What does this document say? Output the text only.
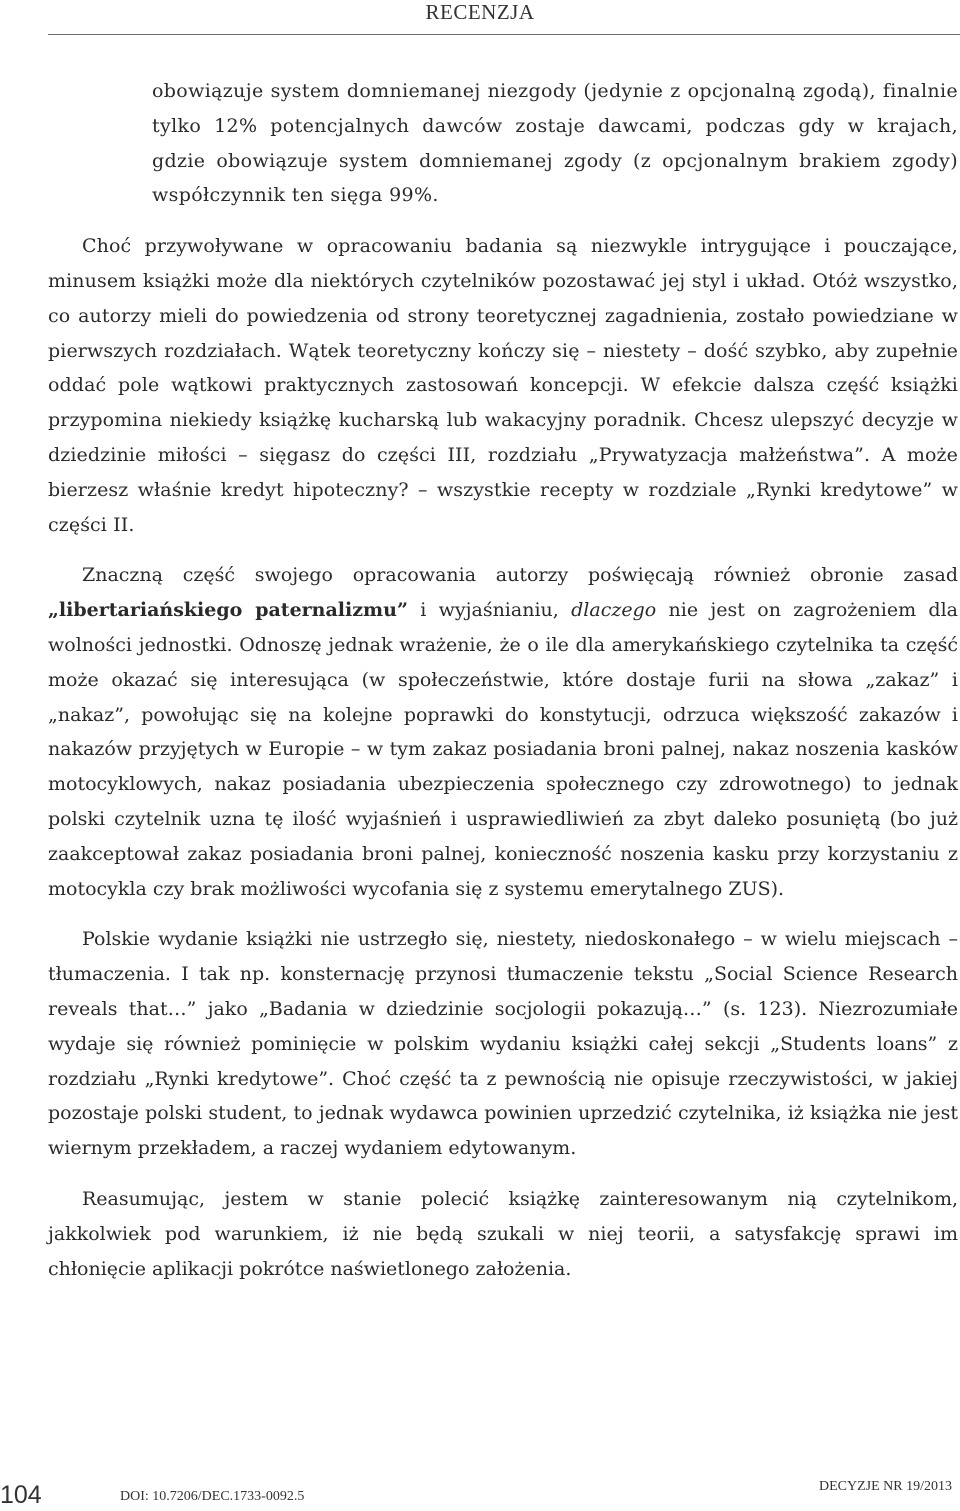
RECENZJA

obowiązuje system domniemanej niezgody (jedynie z opcjonalną zgodą), finalnie tylko 12% potencjalnych dawców zostaje dawcami, podczas gdy w krajach, gdzie obowiązuje system domniemanej zgody (z opcjonalnym brakiem zgody) współczynnik ten sięga 99%.

Choć przywoływane w opracowaniu badania są niezwykle intrygujące i pouczające, minusem książki może dla niektórych czytelników pozostawać jej styl i układ. Otóż wszystko, co autorzy mieli do powiedzenia od strony teoretycznej zagadnienia, zostało powiedziane w pierwszych rozdziałach. Wątek teoretyczny kończy się – niestety – dość szybko, aby zupełnie oddać pole wątkowi praktycznych zastosowań koncepcji. W efekcie dalsza część książki przypomina niekiedy książkę kucharską lub wakacyjny poradnik. Chcesz ulepszyć decyzje w dziedzinie miłości – sięgasz do części III, rozdziału „Prywatyzacja małżeństwa”. A może bierzesz właśnie kredyt hipoteczny? – wszystkie recepty w rozdziale „Rynki kredytowe” w części II.

Znaczną część swojego opracowania autorzy poświęcają również obronie zasad „libertariańskiego paternalizmu” i wyjaśnianiu, dlaczego nie jest on zagrożeniem dla wolności jednostki. Odnoszę jednak wrażenie, że o ile dla amerykańskiego czytelnika ta część może okazać się interesująca (w społeczeństwie, które dostaje furii na słowa „zakaz” i „nakaz”, powołując się na kolejne poprawki do konstytucji, odrzuca większość zakazów i nakazów przyjętych w Europie – w tym zakaz posiadania broni palnej, nakaz noszenia kasków motocyklowych, nakaz posiadania ubezpieczenia społecznego czy zdrowotnego) to jednak polski czytelnik uzna tę ilość wyjaśnień i usprawiedliwień za zbyt daleko posuniętą (bo już zaakceptował zakaz posiadania broni palnej, konieczność noszenia kasku przy korzystaniu z motocykla czy brak możliwości wycofania się z systemu emerytalnego ZUS).

Polskie wydanie książki nie ustrzegło się, niestety, niedoskonałego – w wielu miejscach – tłumaczenia. I tak np. konsternację przynosi tłumaczenie tekstu „Social Science Research reveals that…” jako „Badania w dziedzinie socjologii pokazują…” (s. 123). Niezrozumiałe wydaje się również pominięcie w polskim wydaniu książki całej sekcji „Students loans” z rozdziału „Rynki kredytowe”. Choć część ta z pewnością nie opisuje rzeczywistości, w jakiej pozostaje polski student, to jednak wydawca powinien uprzedzić czytelnika, iż książka nie jest wiernym przekładem, a raczej wydaniem edytowanym.

Reasumując, jestem w stanie polecić książkę zainteresowanym nią czytelnikom, jakkolwiek pod warunkiem, iż nie będą szukali w niej teorii, a satysfakcję sprawi im chłonięcie aplikacji pokrótce naświetlonego założenia.

104	DOI: 10.7206/DEC.1733-0092.5
DECYZJE NR 19/2013
